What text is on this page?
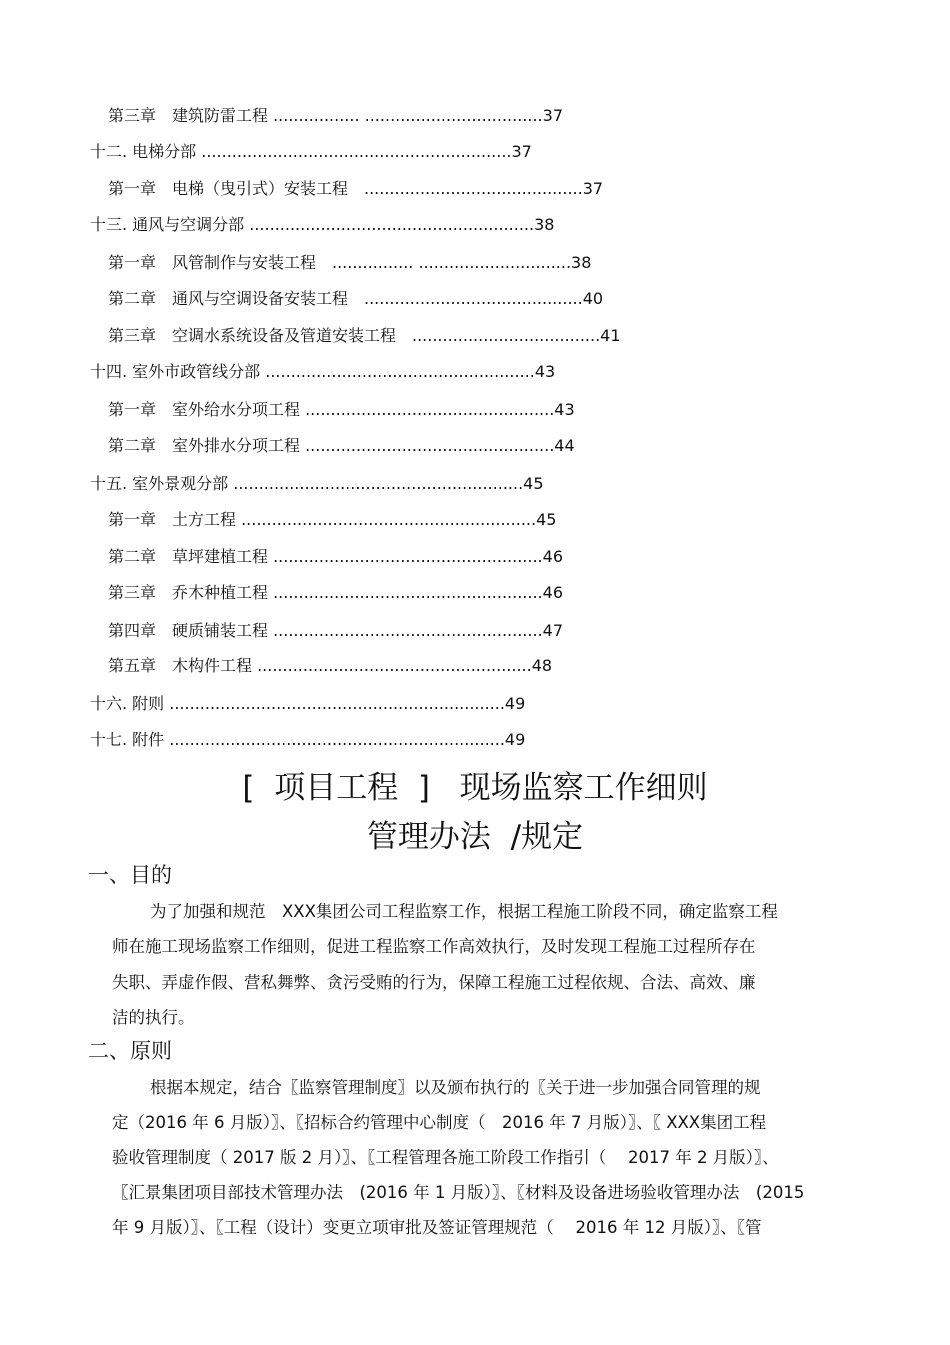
第三章　建筑防雷工程 ................. ...................................37
十二. 电梯分部 .............................................................37
第一章　电梯（曳引式）安装工程　...........................................37
十三. 通风与空调分部 ........................................................38
第一章　风管制作与安装工程　................ ..............................38
第二章　通风与空调设备安装工程　...........................................40
第三章　空调水系统设备及管道安装工程　.....................................41
十四. 室外市政管线分部 .....................................................43
第一章　室外给水分项工程 .................................................43
第二章　室外排水分项工程 .................................................44
十五. 室外景观分部 .........................................................45
第一章　土方工程 ..........................................................45
第二章　草坪建植工程 .....................................................46
第三章　乔木种植工程 .....................................................46
第四章　硬质铺装工程 .....................................................47
第五章　木构件工程 ......................................................48
十六. 附则 ..................................................................49
十七. 附件 ..................................................................49
[  项目工程  ]   现场监察工作细则
管理办法  /规定
一、目的
为了加强和规范　XXX集团公司工程监察工作，根据工程施工阶段不同，确定监察工程
师在施工现场监察工作细则，促进工程监察工作高效执行，及时发现工程施工过程所存在
失职、弄虚作假、营私舞弊、贪污受贿的行为，保障工程施工过程依规、合法、高效、廉
洁的执行。
二、原则
根据本规定，结合〖监察管理制度〗以及颁布执行的〖关于进一步加强合同管理的规
定（2016 年 6 月版）〗、〖招标合约管理中心制度（　2016 年 7 月版）〗、〖 XXX集团工程
验收管理制度（ 2017 版 2 月）〗、〖工程管理各施工阶段工作指引（　 2017 年 2 月版）〗、
〖汇景集团项目部技术管理办法　(2016 年 1 月版）〗、〖材料及设备进场验收管理办法　(2015
年 9 月版）〗、〖工程（设计）变更立项审批及签证管理规范（　 2016 年 12 月版）〗、〖管
